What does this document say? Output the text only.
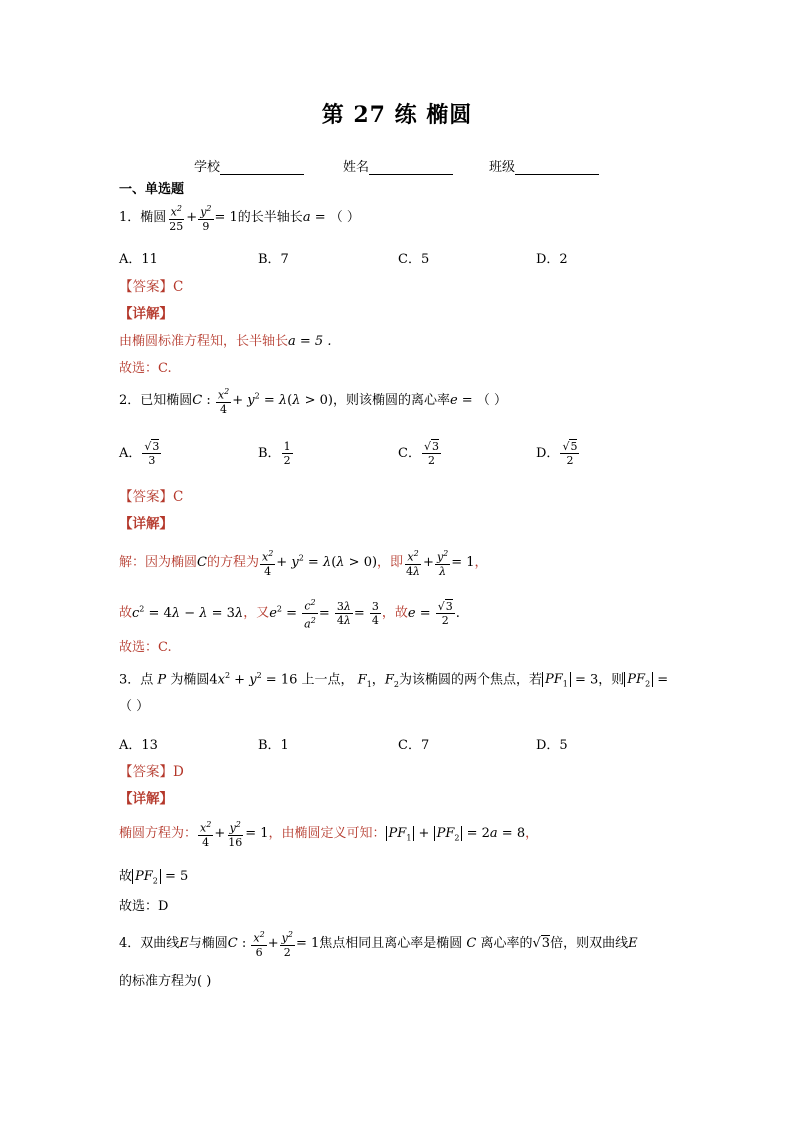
第 27 练 椭圆
学校	姓名	班级
一、单选题
1．椭圆 $\frac{x^2}{25} + \frac{y^2}{9} = 1$的长半轴长a = （ ）
A．11	B．7	C．5	D．2
【答案】C
【详解】
由椭圆标准方程知，长半轴长a = 5 .
故选：C.
2．已知椭圆C : $\frac{x^2}{4} + y^2 = \lambda(\lambda > 0)$，则该椭圆的离心率e = （ ）
A． $\frac{√3}{3}$	B． $\frac{1}{2}$	C． $\frac{√3}{2}$	D． $\frac{√5}{2}$
【答案】C
【详解】
解：因为椭圆C的方程为 $\frac{x^2}{4} + y^2 = \lambda(\lambda > 0)$，即 $\frac{x^2}{4\lambda} + \frac{y^2}{\lambda} = 1$，
故$c^2 = 4\lambda - \lambda = 3\lambda$，又$e^2 = \frac{c^2}{a^2} = \frac{3\lambda}{4\lambda} = \frac{3}{4}$ ，故$e = \frac{√3}{2}$ .
故选：C.
3．点 P 为椭圆$4x^2 + y^2 = 16$ 上一点， $F_1$，$F_2$为该椭圆的两个焦点，若 $PF_1 = 3$，则 $PF_2$ =
（ ）
A．13	B．1	C．7	D．5
【答案】D
【详解】
椭圆方程为： $\frac{x^2}{4} + \frac{y^2}{16} = 1$，由椭圆定义可知： $PF_1 + PF_2 = 2a = 8$，
故 $PF_2 = 5$
故选：D
4．双曲线E与椭圆C : $\frac{x^2}{6} + \frac{y^2}{2} = 1$焦点相同且离心率是椭圆 C 离心率的√3倍，则双曲线E
的标准方程为( )
